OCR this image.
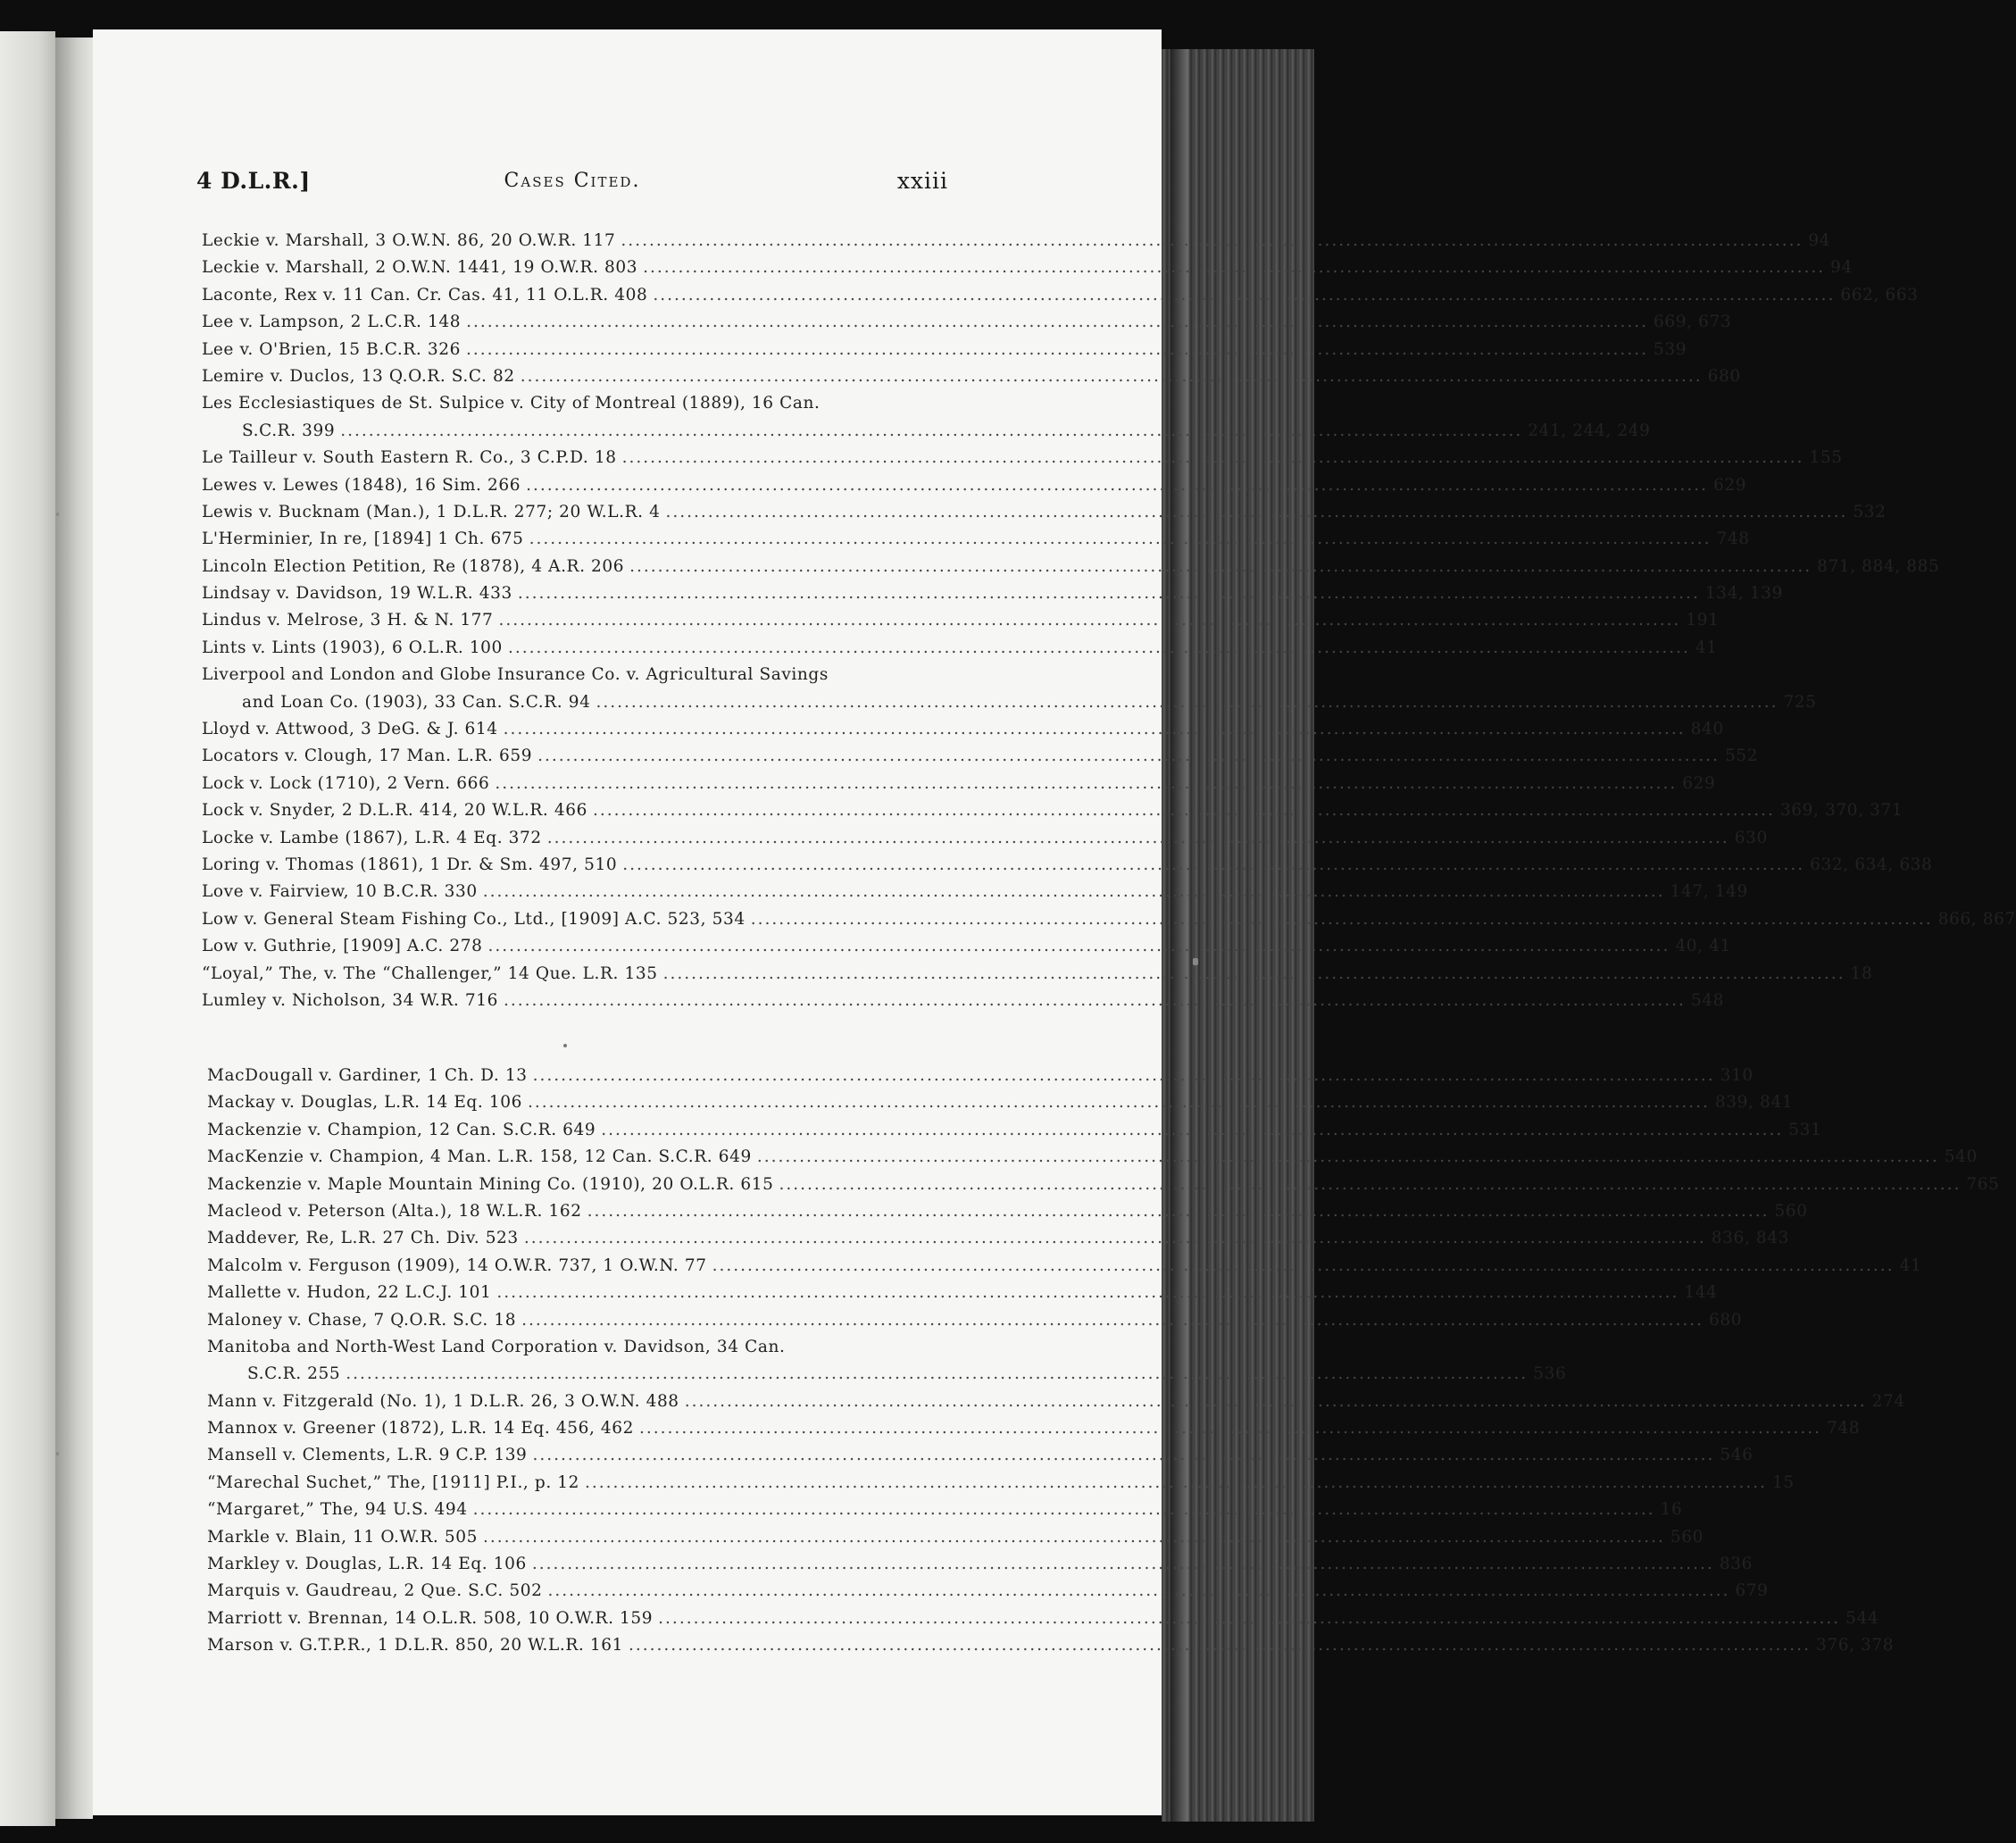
4 D.L.R.]	Cases Cited.	xxiii
Leckie v. Marshall, 3 O.W.N. 86, 20 O.W.R. 117 .....	94
Leckie v. Marshall, 2 O.W.N. 1441, 19 O.W.R. 803 .....	94
Laconte, Rex v. 11 Can. Cr. Cas. 41, 11 O.L.R. 408 .....	662, 663
Lee v. Lampson, 2 L.C.R. 148 .....	669, 673
Lee v. O'Brien, 15 B.C.R. 326 .....	539
Lemire v. Duclos, 13 Q.O.R. S.C. 82 .....	680
Les Ecclesiastiques de St. Sulpice v. City of Montreal (1889), 16 Can.
S.C.R. 399 .....	241, 244, 249
Le Tailleur v. South Eastern R. Co., 3 C.P.D. 18 .....	155
Lewes v. Lewes (1848), 16 Sim. 266 .....	629
Lewis v. Bucknam (Man.), 1 D.L.R. 277; 20 W.L.R. 4 .....	532
L'Herminier, In re, [1894] 1 Ch. 675 .....	748
Lincoln Election Petition, Re (1878), 4 A.R. 206 .....	871, 884, 885
Lindsay v. Davidson, 19 W.L.R. 433 .....	134, 139
Lindus v. Melrose, 3 H. & N. 177 .....	191
Lints v. Lints (1903), 6 O.L.R. 100 .....	41
Liverpool and London and Globe Insurance Co. v. Agricultural Savings
and Loan Co. (1903), 33 Can. S.C.R. 94 .....	725
Lloyd v. Attwood, 3 DeG. & J. 614 .....	840
Locators v. Clough, 17 Man. L.R. 659 .....	552
Lock v. Lock (1710), 2 Vern. 666 .....	629
Lock v. Snyder, 2 D.L.R. 414, 20 W.L.R. 466 .....	369, 370, 371
Locke v. Lambe (1867), L.R. 4 Eq. 372 .....	630
Loring v. Thomas (1861), 1 Dr. & Sm. 497, 510 .....	632, 634, 638
Love v. Fairview, 10 B.C.R. 330 .....	147, 149
Low v. General Steam Fishing Co., Ltd., [1909] A.C. 523, 534 .....	866, 867
Low v. Guthrie, [1909] A.C. 278 .....	40, 41
“Loyal,” The, v. The “Challenger,” 14 Que. L.R. 135 .....	18
Lumley v. Nicholson, 34 W.R. 716 .....	548
MacDougall v. Gardiner, 1 Ch. D. 13 .....	310
Mackay v. Douglas, L.R. 14 Eq. 106 .....	839, 841
Mackenzie v. Champion, 12 Can. S.C.R. 649 .....	531
MacKenzie v. Champion, 4 Man. L.R. 158, 12 Can. S.C.R. 649 .....	540
Mackenzie v. Maple Mountain Mining Co. (1910), 20 O.L.R. 615 .....	765
Macleod v. Peterson (Alta.), 18 W.L.R. 162 .....	560
Maddever, Re, L.R. 27 Ch. Div. 523 .....	836, 843
Malcolm v. Ferguson (1909), 14 O.W.R. 737, 1 O.W.N. 77 .....	41
Mallette v. Hudon, 22 L.C.J. 101 .....	144
Maloney v. Chase, 7 Q.O.R. S.C. 18 .....	680
Manitoba and North-West Land Corporation v. Davidson, 34 Can.
S.C.R. 255 .....	536
Mann v. Fitzgerald (No. 1), 1 D.L.R. 26, 3 O.W.N. 488 .....	274
Mannox v. Greener (1872), L.R. 14 Eq. 456, 462 .....	748
Mansell v. Clements, L.R. 9 C.P. 139 .....	546
“Marechal Suchet,” The, [1911] P.I., p. 12 .....	15
“Margaret,” The, 94 U.S. 494 .....	16
Markle v. Blain, 11 O.W.R. 505 .....	560
Markley v. Douglas, L.R. 14 Eq. 106 .....	836
Marquis v. Gaudreau, 2 Que. S.C. 502 .....	679
Marriott v. Brennan, 14 O.L.R. 508, 10 O.W.R. 159 .....	544
Marson v. G.T.P.R., 1 D.L.R. 850, 20 W.L.R. 161 .....	376, 378
